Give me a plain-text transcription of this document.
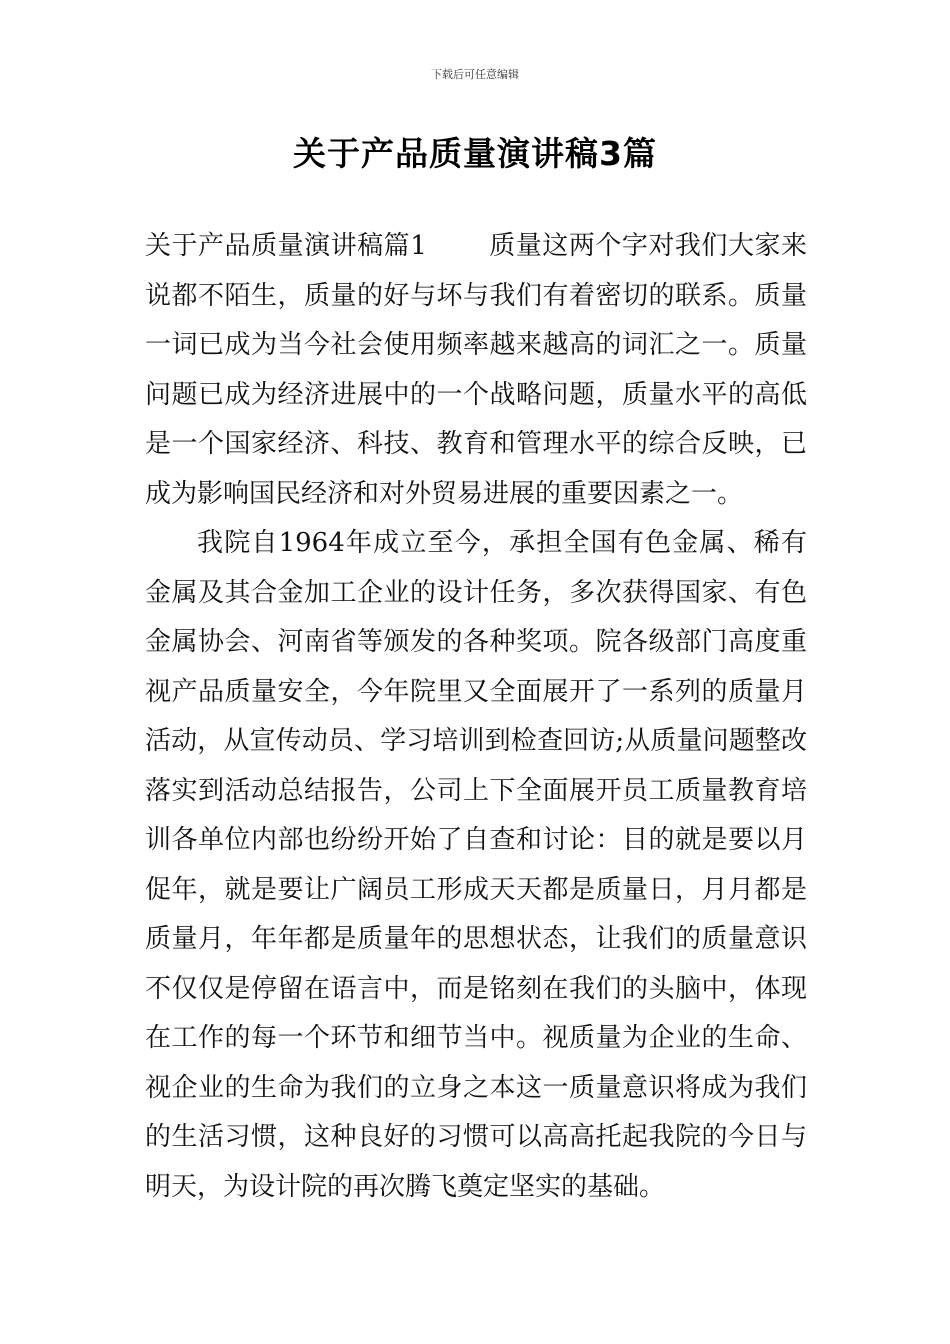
下载后可任意编辑
关于产品质量演讲稿3篇

关于产品质量演讲稿篇1 质量这两个字对我们大家来说都不陌生，质量的好与坏与我们有着密切的联系。质量一词已成为当今社会使用频率越来越高的词汇之一。质量问题已成为经济进展中的一个战略问题，质量水平的高低是一个国家经济、科技、教育和管理水平的综合反映，已成为影响国民经济和对外贸易进展的重要因素之一。

我院自1964年成立至今，承担全国有色金属、稀有金属及其合金加工企业的设计任务，多次获得国家、有色金属协会、河南省等颁发的各种奖项。院各级部门高度重视产品质量安全，今年院里又全面展开了一系列的质量月活动，从宣传动员、学习培训到检查回访;从质量问题整改落实到活动总结报告，公司上下全面展开员工质量教育培训各单位内部也纷纷开始了自查和讨论：目的就是要以月促年，就是要让广阔员工形成天天都是质量日，月月都是质量月，年年都是质量年的思想状态，让我们的质量意识不仅仅是停留在语言中，而是铭刻在我们的头脑中，体现在工作的每一个环节和细节当中。视质量为企业的生命、视企业的生命为我们的立身之本这一质量意识将成为我们的生活习惯，这种良好的习惯可以高高托起我院的今日与明天，为设计院的再次腾飞奠定坚实的基础。
